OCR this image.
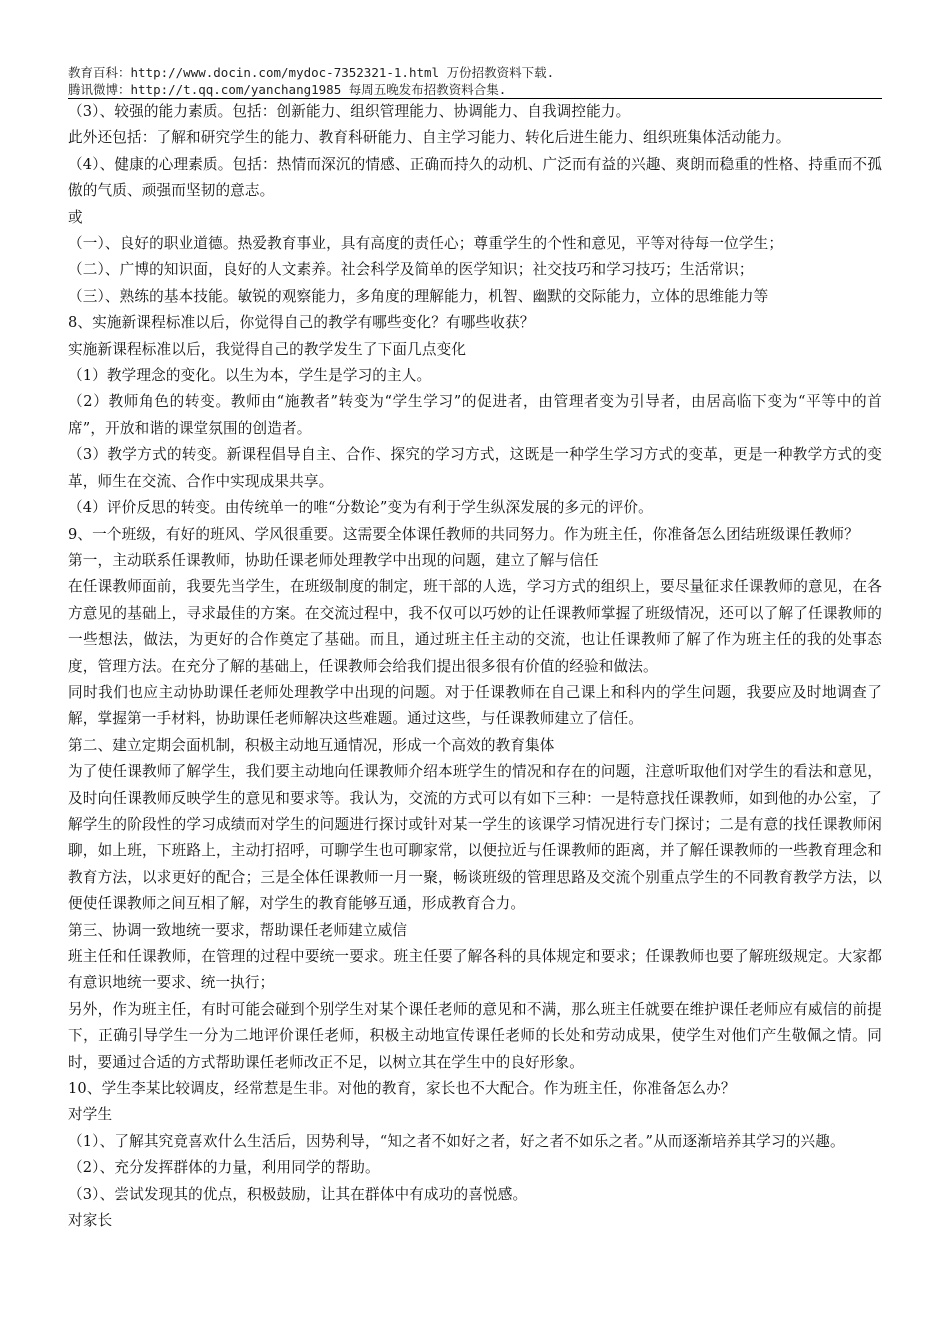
教育百科：http://www.docin.com/mydoc-7352321-1.html 万份招教资料下载.
腾讯微博：http://t.qq.com/yanchang1985 每周五晚发布招教资料合集.

（3）、较强的能力素质。包括：创新能力、组织管理能力、协调能力、自我调控能力。

此外还包括：了解和研究学生的能力、教育科研能力、自主学习能力、转化后进生能力、组织班集体活动能力。

（4）、健康的心理素质。包括：热情而深沉的情感、正确而持久的动机、广泛而有益的兴趣、爽朗而稳重的性格、持重而不孤傲的气质、顽强而坚韧的意志。

或

（一）、良好的职业道德。热爱教育事业，具有高度的责任心；尊重学生的个性和意见，平等对待每一位学生；

（二）、广博的知识面，良好的人文素养。社会科学及简单的医学知识；社交技巧和学习技巧；生活常识；

（三）、熟练的基本技能。敏锐的观察能力，多角度的理解能力，机智、幽默的交际能力，立体的思维能力等

8、实施新课程标准以后，你觉得自己的教学有哪些变化？有哪些收获？

实施新课程标准以后，我觉得自己的教学发生了下面几点变化

（1）教学理念的变化。以生为本，学生是学习的主人。

（2）教师角色的转变。教师由“施教者”转变为“学生学习”的促进者，由管理者变为引导者，由居高临下变为“平等中的首席”，开放和谐的课堂氛围的创造者。

（3）教学方式的转变。新课程倡导自主、合作、探究的学习方式，这既是一种学生学习方式的变革，更是一种教学方式的变革，师生在交流、合作中实现成果共享。

（4）评价反思的转变。由传统单一的唯“分数论”变为有利于学生纵深发展的多元的评价。

9、一个班级，有好的班风、学风很重要。这需要全体课任教师的共同努力。作为班主任，你准备怎么团结班级课任教师？

第一，主动联系任课教师，协助任课老师处理教学中出现的问题，建立了解与信任

在任课教师面前，我要先当学生，在班级制度的制定，班干部的人选，学习方式的组织上，要尽量征求任课教师的意见，在各方意见的基础上，寻求最佳的方案。在交流过程中，我不仅可以巧妙的让任课教师掌握了班级情况，还可以了解了任课教师的一些想法，做法，为更好的合作奠定了基础。而且，通过班主任主动的交流，也让任课教师了解了作为班主任的我的处事态度，管理方法。在充分了解的基础上，任课教师会给我们提出很多很有价值的经验和做法。

同时我们也应主动协助课任老师处理教学中出现的问题。对于任课教师在自己课上和科内的学生问题，我要应及时地调查了解，掌握第一手材料，协助课任老师解决这些难题。通过这些，与任课教师建立了信任。

第二、建立定期会面机制，积极主动地互通情况，形成一个高效的教育集体

为了使任课教师了解学生，我们要主动地向任课教师介绍本班学生的情况和存在的问题，注意听取他们对学生的看法和意见，及时向任课教师反映学生的意见和要求等。我认为，交流的方式可以有如下三种：一是特意找任课教师，如到他的办公室，了解学生的阶段性的学习成绩而对学生的问题进行探讨或针对某一学生的该课学习情况进行专门探讨；二是有意的找任课教师闲聊，如上班，下班路上，主动打招呼，可聊学生也可聊家常，以便拉近与任课教师的距离，并了解任课教师的一些教育理念和教育方法，以求更好的配合；三是全体任课教师一月一聚，畅谈班级的管理思路及交流个别重点学生的不同教育教学方法，以便使任课教师之间互相了解，对学生的教育能够互通，形成教育合力。

第三、协调一致地统一要求，帮助课任老师建立威信

班主任和任课教师，在管理的过程中要统一要求。班主任要了解各科的具体规定和要求；任课教师也要了解班级规定。大家都有意识地统一要求、统一执行；

另外，作为班主任，有时可能会碰到个别学生对某个课任老师的意见和不满，那么班主任就要在维护课任老师应有威信的前提下，正确引导学生一分为二地评价课任老师，积极主动地宣传课任老师的长处和劳动成果，使学生对他们产生敬佩之情。同时，要通过合适的方式帮助课任老师改正不足，以树立其在学生中的良好形象。

10、学生李某比较调皮，经常惹是生非。对他的教育，家长也不大配合。作为班主任，你准备怎么办？

对学生

（1）、了解其究竟喜欢什么生活后，因势利导，“知之者不如好之者，好之者不如乐之者。”从而逐渐培养其学习的兴趣。

（2）、充分发挥群体的力量，利用同学的帮助。

（3）、尝试发现其的优点，积极鼓励，让其在群体中有成功的喜悦感。

对家长
